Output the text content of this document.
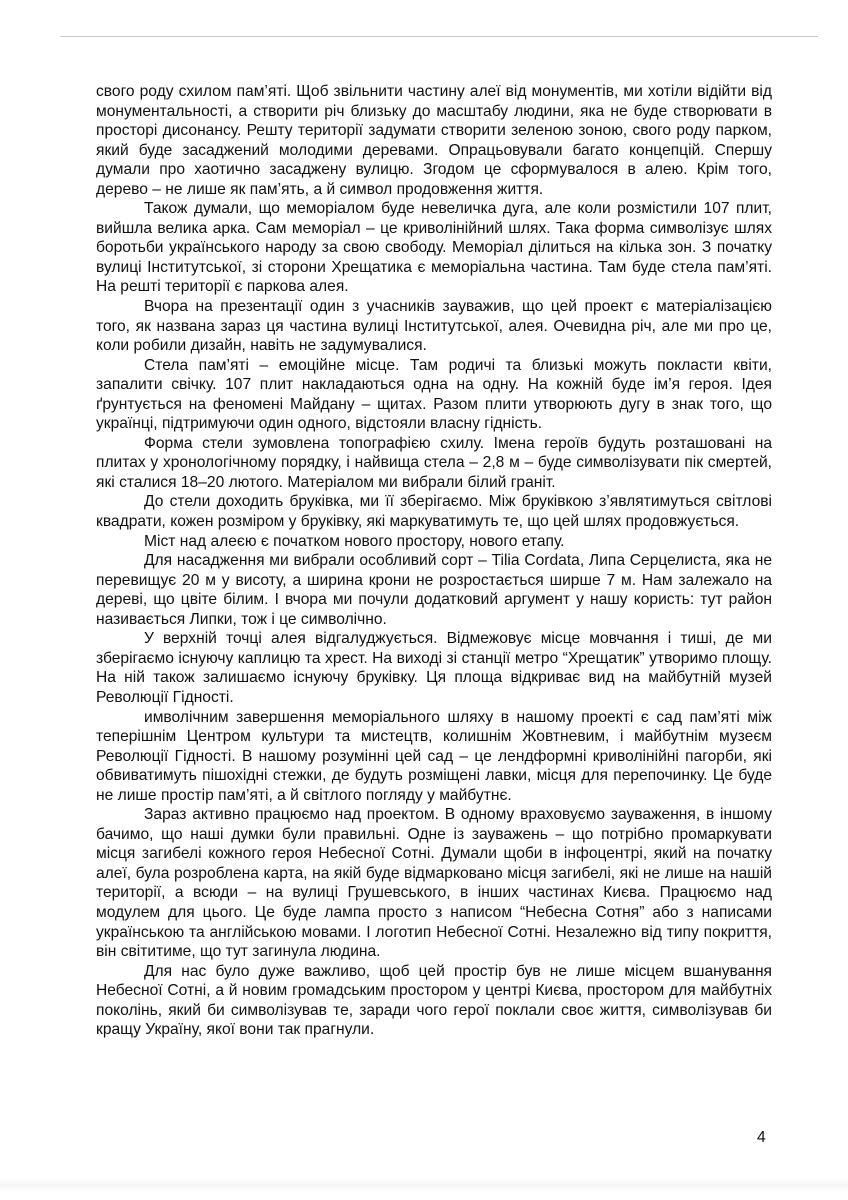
свого роду схилом пам’яті. Щоб звільнити частину алеї від монументів, ми хотіли відійти від монументальності, а створити річ близьку до масштабу людини, яка не буде створювати в просторі дисонансу. Решту території задумати створити зеленою зоною, свого роду парком, який буде засаджений молодими деревами. Опрацьовували багато концепцій. Спершу думали про хаотично засаджену вулицю. Згодом це сформувалося в алею. Крім того, дерево – не лише як пам’ять, а й символ продовження життя.

Також думали, що меморіалом буде невеличка дуга, але коли розмістили 107 плит, вийшла велика арка. Сам меморіал – це криволінійний шлях. Така форма символізує шлях боротьби українського народу за свою свободу. Меморіал ділиться на кілька зон. З початку вулиці Інститутської, зі сторони Хрещатика є меморіальна частина. Там буде стела пам’яті. На решті території є паркова алея.

Вчора на презентації один з учасників зауважив, що цей проект є матеріалізацією того, як названа зараз ця частина вулиці Інститутської, алея. Очевидна річ, але ми про це, коли робили дизайн, навіть не задумувалися.

Стела пам’яті – емоційне місце. Там родичі та близькі можуть покласти квіти, запалити свічку. 107 плит накладаються одна на одну. На кожній буде ім’я героя. Ідея ґрунтується на феномені Майдану – щитах. Разом плити утворюють дугу в знак того, що українці, підтримуючи один одного, відстояли власну гідність.

Форма стели зумовлена топографією схилу. Імена героїв будуть розташовані на плитах у хронологічному порядку, і найвища стела – 2,8 м – буде символізувати пік смертей, які сталися 18–20 лютого. Матеріалом ми вибрали білий граніт.

До стели доходить бруківка, ми її зберігаємо. Між бруківкою з’являтимуться світлові квадрати, кожен розміром у бруківку, які маркуватимуть те, що цей шлях продовжується.

Міст над алеєю є початком нового простору, нового етапу.

Для насадження ми вибрали особливий сорт – Tilia Cordata, Липа Серцелиста, яка не перевищує 20 м у висоту, а ширина крони не розростається ширше 7 м. Нам залежало на дереві, що цвіте білим. І вчора ми почули додатковий аргумент у нашу користь: тут район називається Липки, тож і це символічно.

У верхній точці алея відгалуджується. Відмежовує місце мовчання і тиші, де ми зберігаємо існуючу каплицю та хрест. На виході зі станції метро “Хрещатик” утворимо площу. На ній також залишаємо існуючу бруківку. Ця площа відкриває вид на майбутній музей Революції Гідності.

имволічним завершення меморіального шляху в нашому проекті є сад пам’яті між теперішнім Центром культури та мистецтв, колишнім Жовтневим, і майбутнім музеєм Революції Гідності. В нашому розумінні цей сад – це лендформні криволінійні пагорби, які обвиватимуть пішохідні стежки, де будуть розміщені лавки, місця для перепочинку. Це буде не лише простір пам’яті, а й світлого погляду у майбутнє.

Зараз активно працюємо над проектом. В одному враховуємо зауваження, в іншому бачимо, що наші думки були правильні. Одне із зауважень – що потрібно промаркувати місця загибелі кожного героя Небесної Сотні. Думали щоби в інфоцентрі, який на початку алеї, була розроблена карта, на якій буде відмарковано місця загибелі, які не лише на нашій території, а всюди – на вулиці Грушевського, в інших частинах Києва. Працюємо над модулем для цього. Це буде лампа просто з написом “Небесна Сотня” або з написами українською та англійською мовами. І логотип Небесної Сотні. Незалежно від типу покриття, він світитиме, що тут загинула людина.

Для нас було дуже важливо, щоб цей простір був не лише місцем вшанування Небесної Сотні, а й новим громадським простором у центрі Києва, простором для майбутніх поколінь, який би символізував те, заради чого герої поклали своє життя, символізував би кращу Україну, якої вони так прагнули.

4
